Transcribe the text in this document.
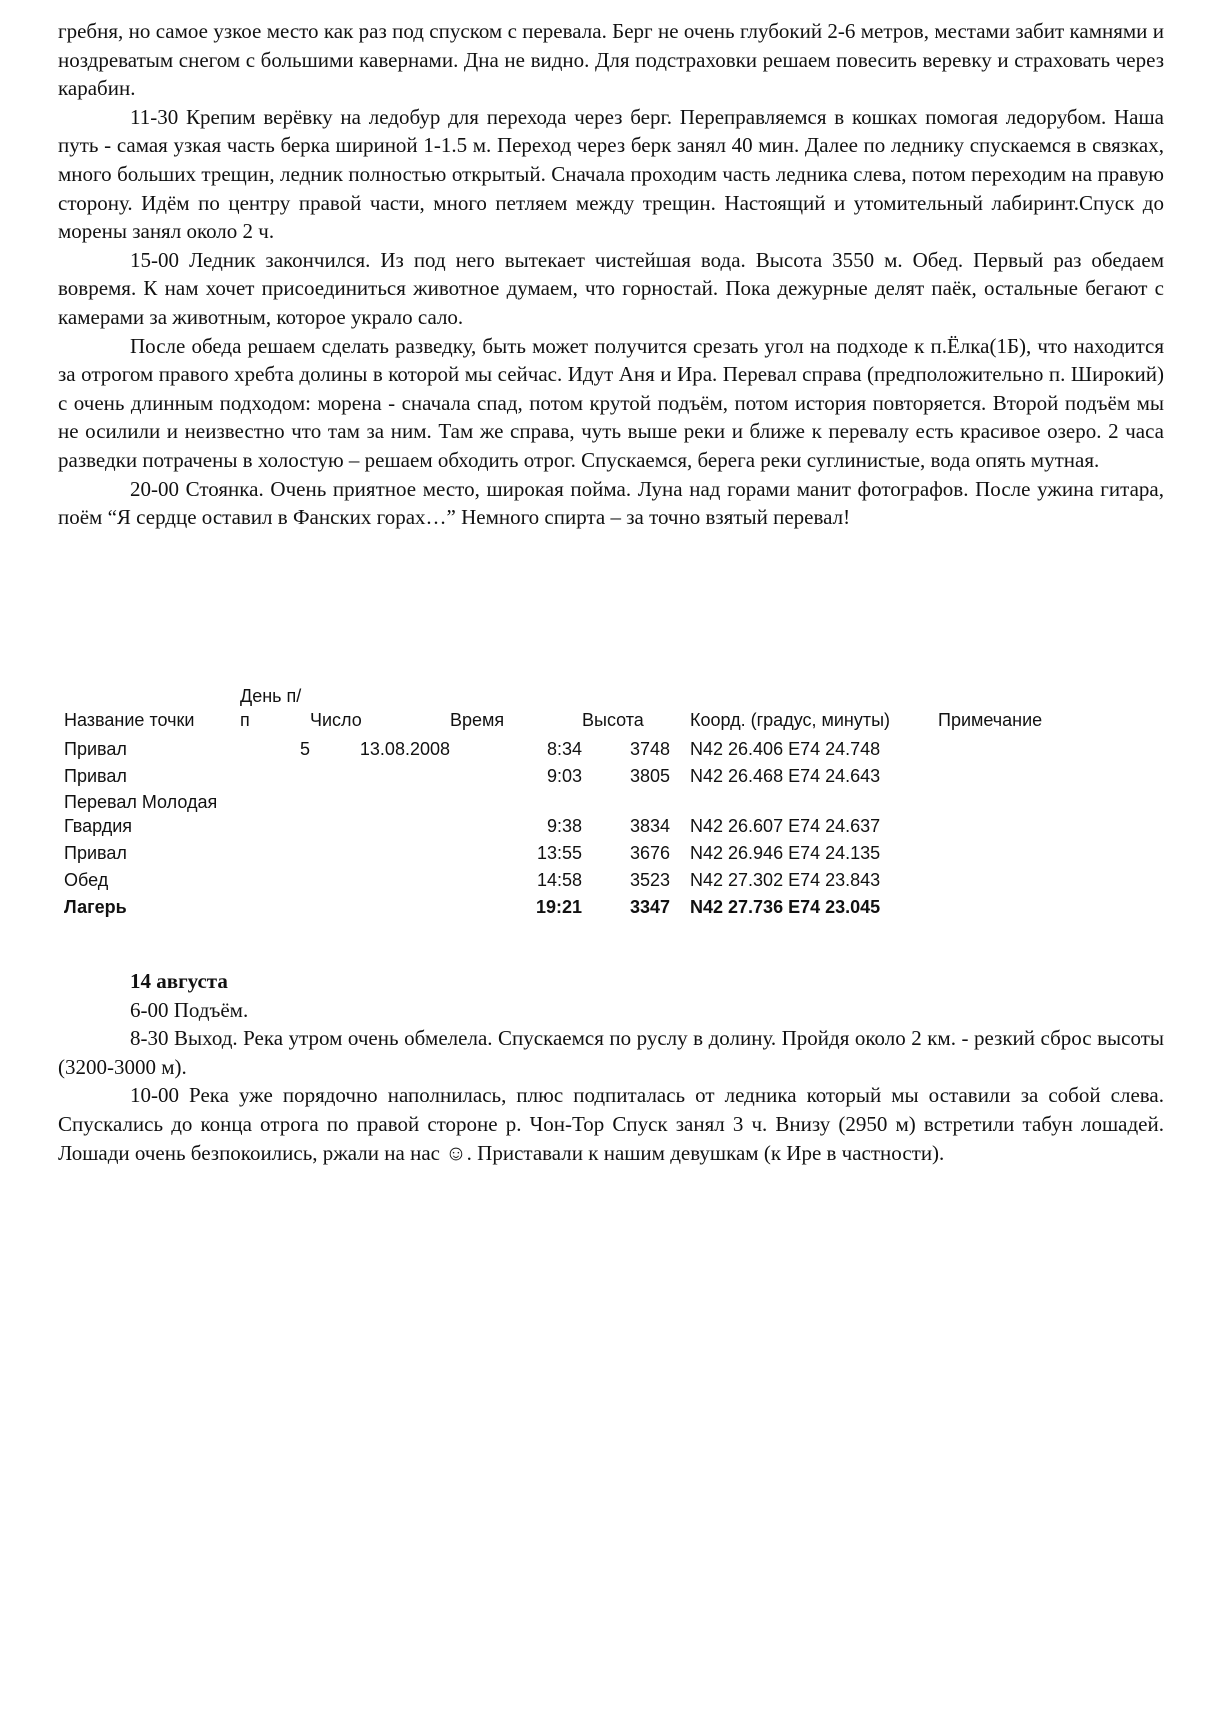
гребня, но самое узкое место как раз под спуском с перевала. Берг не очень глубокий 2-6 метров, местами забит камнями и ноздреватым снегом с большими кавернами. Дна не видно. Для подстраховки решаем повесить веревку и страховать через карабин.

11-30 Крепим верёвку на ледобур для перехода через берг. Переправляемся в кошках помогая ледорубом. Наша путь - самая узкая часть берка шириной 1-1.5 м. Переход через берк занял 40 мин. Далее по леднику спускаемся в связках, много больших трещин, ледник полностью открытый. Сначала проходим часть ледника слева, потом переходим на правую сторону. Идём по центру правой части, много петляем между трещин. Настоящий и утомительный лабиринт.Спуск до морены занял около 2 ч.

15-00 Ледник закончился. Из под него вытекает чистейшая вода. Высота 3550 м. Обед. Первый раз обедаем вовремя. К нам хочет присоединиться животное думаем, что горностай. Пока дежурные делят паёк, остальные бегают с камерами за животным, которое украло сало.

После обеда решаем сделать разведку, быть может получится срезать угол на подходе к п.Ёлка(1Б), что находится за отрогом правого хребта долины в которой мы сейчас. Идут Аня и Ира. Перевал справа (предположительно п. Широкий) с очень длинным подходом: морена - сначала спад, потом крутой подъём, потом история повторяется. Второй подъём мы не осилили и неизвестно что там за ним. Там же справа, чуть выше реки и ближе к перевалу есть красивое озеро. 2 часа разведки потрачены в холостую – решаем обходить отрог. Спускаемся, берега реки суглинистые, вода опять мутная.

20-00 Стоянка. Очень приятное место, широкая пойма. Луна над горами манит фотографов. После ужина гитара, поём “Я сердце оставил в Фанских горах…” Немного спирта – за точно взятый перевал!

Название точки	День п/п	Число	Время	Высота	Коорд. (градус, минуты)	Примечание
Привал	5	13.08.2008	8:34	3748	N42 26.406 E74 24.748	
Привал			9:03	3805	N42 26.468 E74 24.643	
Перевал Молодая Гвардия			9:38	3834	N42 26.607 E74 24.637	
Привал			13:55	3676	N42 26.946 E74 24.135	
Обед			14:58	3523	N42 27.302 E74 23.843	
Лагерь			19:21	3347	N42 27.736 E74 23.045	

14 августа

6-00 Подъём.

8-30 Выход. Река утром очень обмелела. Спускаемся по руслу в долину. Пройдя около 2 км. - резкий сброс высоты (3200-3000 м).

10-00 Река уже порядочно наполнилась, плюс подпиталась от ледника который мы оставили за собой слева. Спускались до конца отрога по правой стороне р. Чон-Тор Спуск занял 3 ч. Внизу (2950 м) встретили табун лошадей. Лошади очень безпокоились, ржали на нас ☺. Приставали к нашим девушкам (к Ире в частности).
